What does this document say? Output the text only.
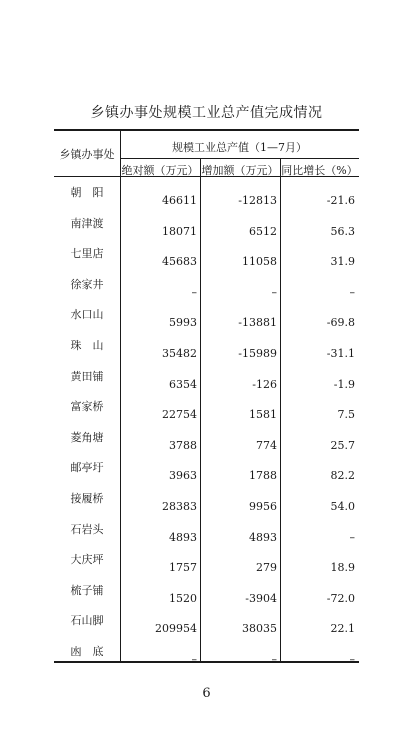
乡镇办事处规模工业总产值完成情况
乡镇办事处
规模工业总产值（1—7月）
绝对额（万元） 增加额（万元） 同比增长（%）
朝　阳
46611	-12813	-21.6
南津渡
18071	6512	56.3
七里店
45683	11058	31.9
徐家井
–	–	–
水口山
5993	-13881	-69.8
珠　山
35482	-15989	-31.1
黄田铺
6354	-126	-1.9
富家桥
22754	1581	7.5
菱角塘
3788	774	25.7
邮亭圩
3963	1788	82.2
接履桥
28383	9956	54.0
石岩头
4893	4893	–
大庆坪
1757	279	18.9
梳子铺
1520	-3904	-72.0
石山脚
209954	38035	22.1
凼　底
–	–	–
6
